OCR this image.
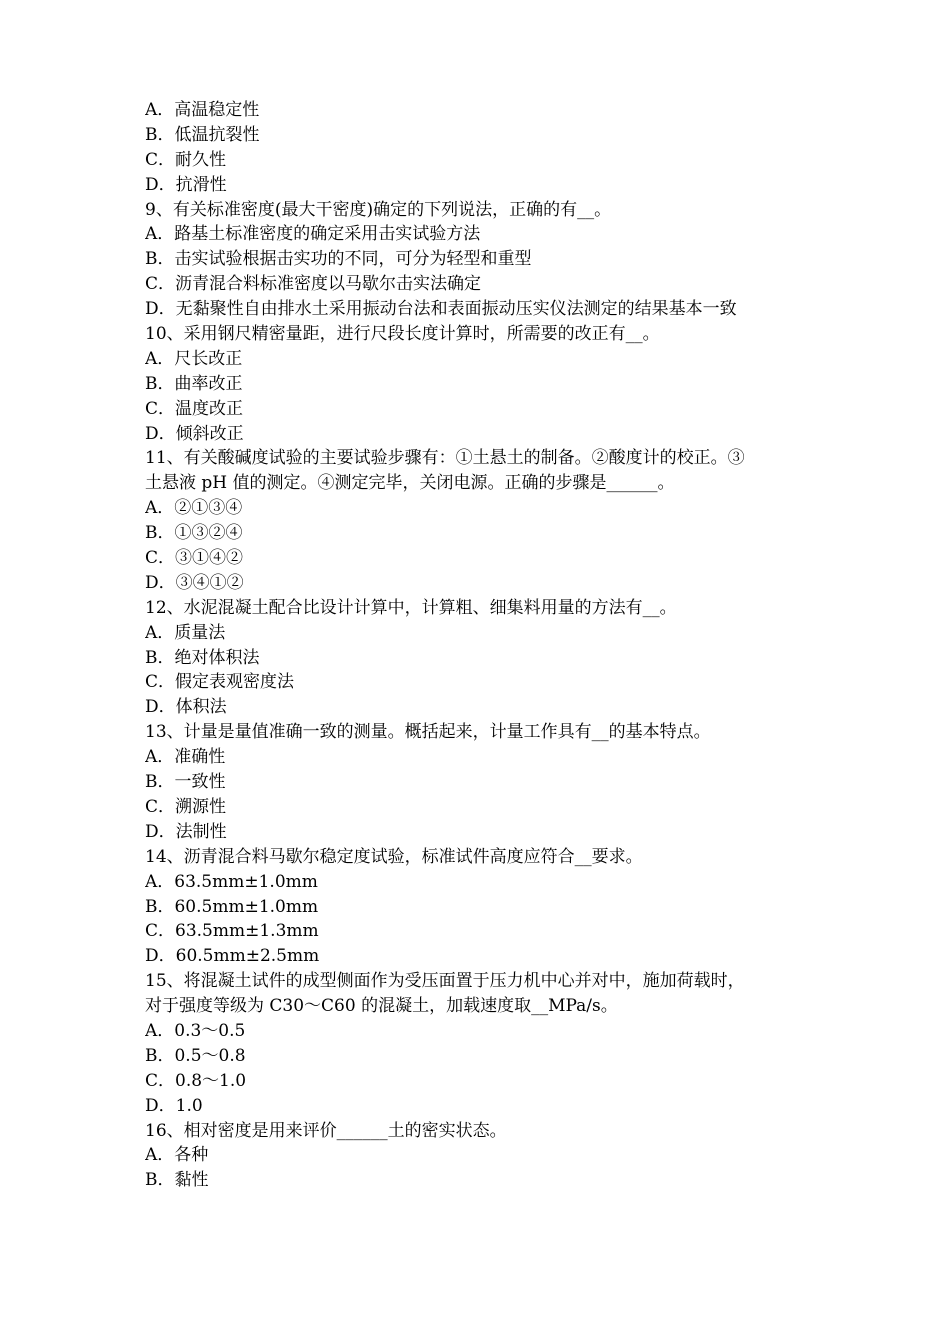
A．高温稳定性
B．低温抗裂性
C．耐久性
D．抗滑性
9、有关标准密度(最大干密度)确定的下列说法，正确的有__。
A．路基土标准密度的确定采用击实试验方法
B．击实试验根据击实功的不同，可分为轻型和重型
C．沥青混合料标准密度以马歇尔击实法确定
D．无黏聚性自由排水土采用振动台法和表面振动压实仪法测定的结果基本一致
10、采用钢尺精密量距，进行尺段长度计算时，所需要的改正有__。
A．尺长改正
B．曲率改正
C．温度改正
D．倾斜改正
11、有关酸碱度试验的主要试验步骤有：①土悬土的制备。②酸度计的校正。③
土悬液 pH 值的测定。④测定完毕，关闭电源。正确的步骤是______。
A．②①③④
B．①③②④
C．③①④②
D．③④①②
12、水泥混凝土配合比设计计算中，计算粗、细集料用量的方法有__。
A．质量法
B．绝对体积法
C．假定表观密度法
D．体积法
13、计量是量值准确一致的测量。概括起来，计量工作具有__的基本特点。
A．准确性
B．一致性
C．溯源性
D．法制性
14、沥青混合料马歇尔稳定度试验，标准试件高度应符合__要求。
A．63.5mm±1.0mm
B．60.5mm±1.0mm
C．63.5mm±1.3mm
D．60.5mm±2.5mm
15、将混凝土试件的成型侧面作为受压面置于压力机中心并对中，施加荷载时，
对于强度等级为 C30～C60 的混凝土，加载速度取__MPa/s。
A．0.3～0.5
B．0.5～0.8
C．0.8～1.0
D．1.0
16、相对密度是用来评价______土的密实状态。
A．各种
B．黏性
